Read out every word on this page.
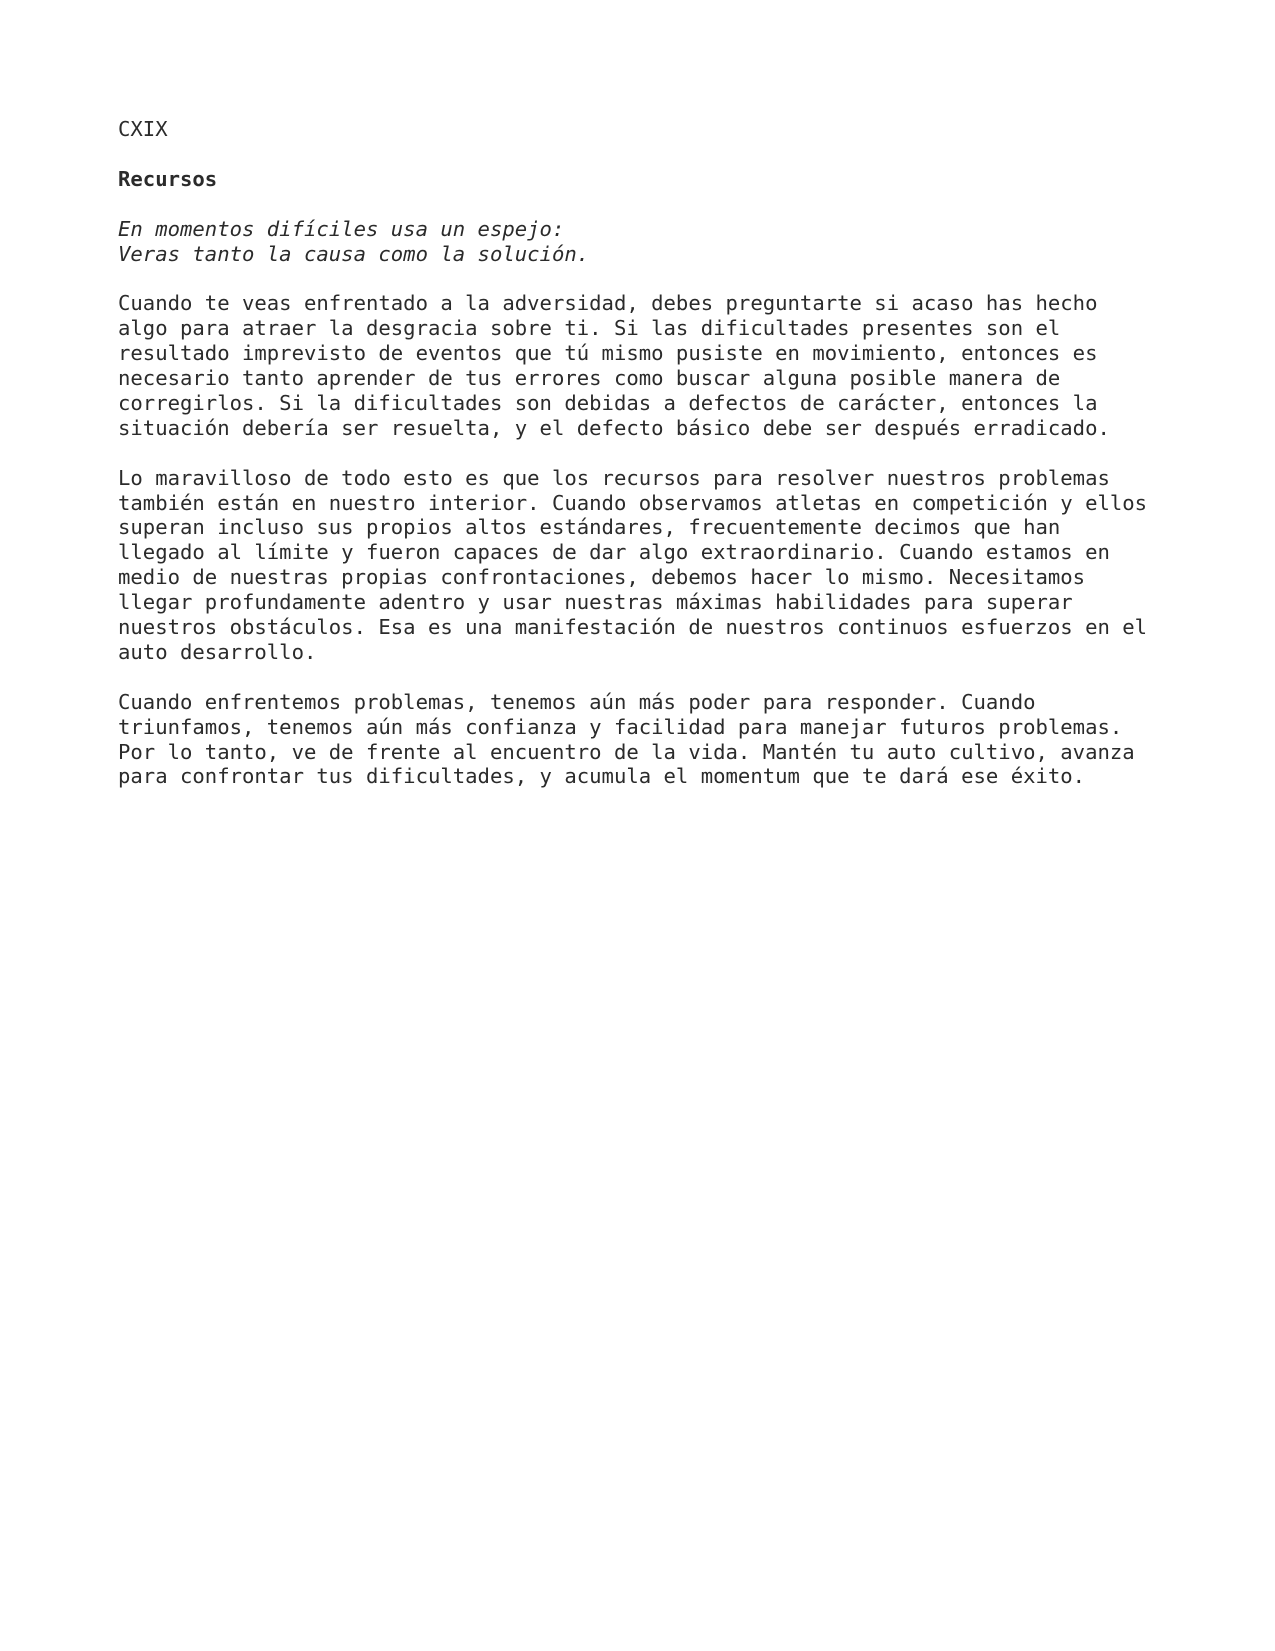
CXIX
Recursos
En momentos difíciles usa un espejo:
Veras tanto la causa como la solución.
Cuando te veas enfrentado a la adversidad, debes preguntarte si acaso has hecho
algo para atraer la desgracia sobre ti. Si las dificultades presentes son el
resultado imprevisto de eventos que tú mismo pusiste en movimiento, entonces es
necesario tanto aprender de tus errores como buscar alguna posible manera de
corregirlos. Si la dificultades son debidas a defectos de carácter, entonces la
situación debería ser resuelta, y el defecto básico debe ser después erradicado.
Lo maravilloso de todo esto es que los recursos para resolver nuestros problemas
también están en nuestro interior. Cuando observamos atletas en competición y ellos
superan incluso sus propios altos estándares, frecuentemente decimos que han
llegado al límite y fueron capaces de dar algo extraordinario. Cuando estamos en
medio de nuestras propias confrontaciones, debemos hacer lo mismo. Necesitamos
llegar profundamente adentro y usar nuestras máximas habilidades para superar
nuestros obstáculos. Esa es una manifestación de nuestros continuos esfuerzos en el
auto desarrollo.
Cuando enfrentemos problemas, tenemos aún más poder para responder. Cuando
triunfamos, tenemos aún más confianza y facilidad para manejar futuros problemas.
Por lo tanto, ve de frente al encuentro de la vida. Mantén tu auto cultivo, avanza
para confrontar tus dificultades, y acumula el momentum que te dará ese éxito.
